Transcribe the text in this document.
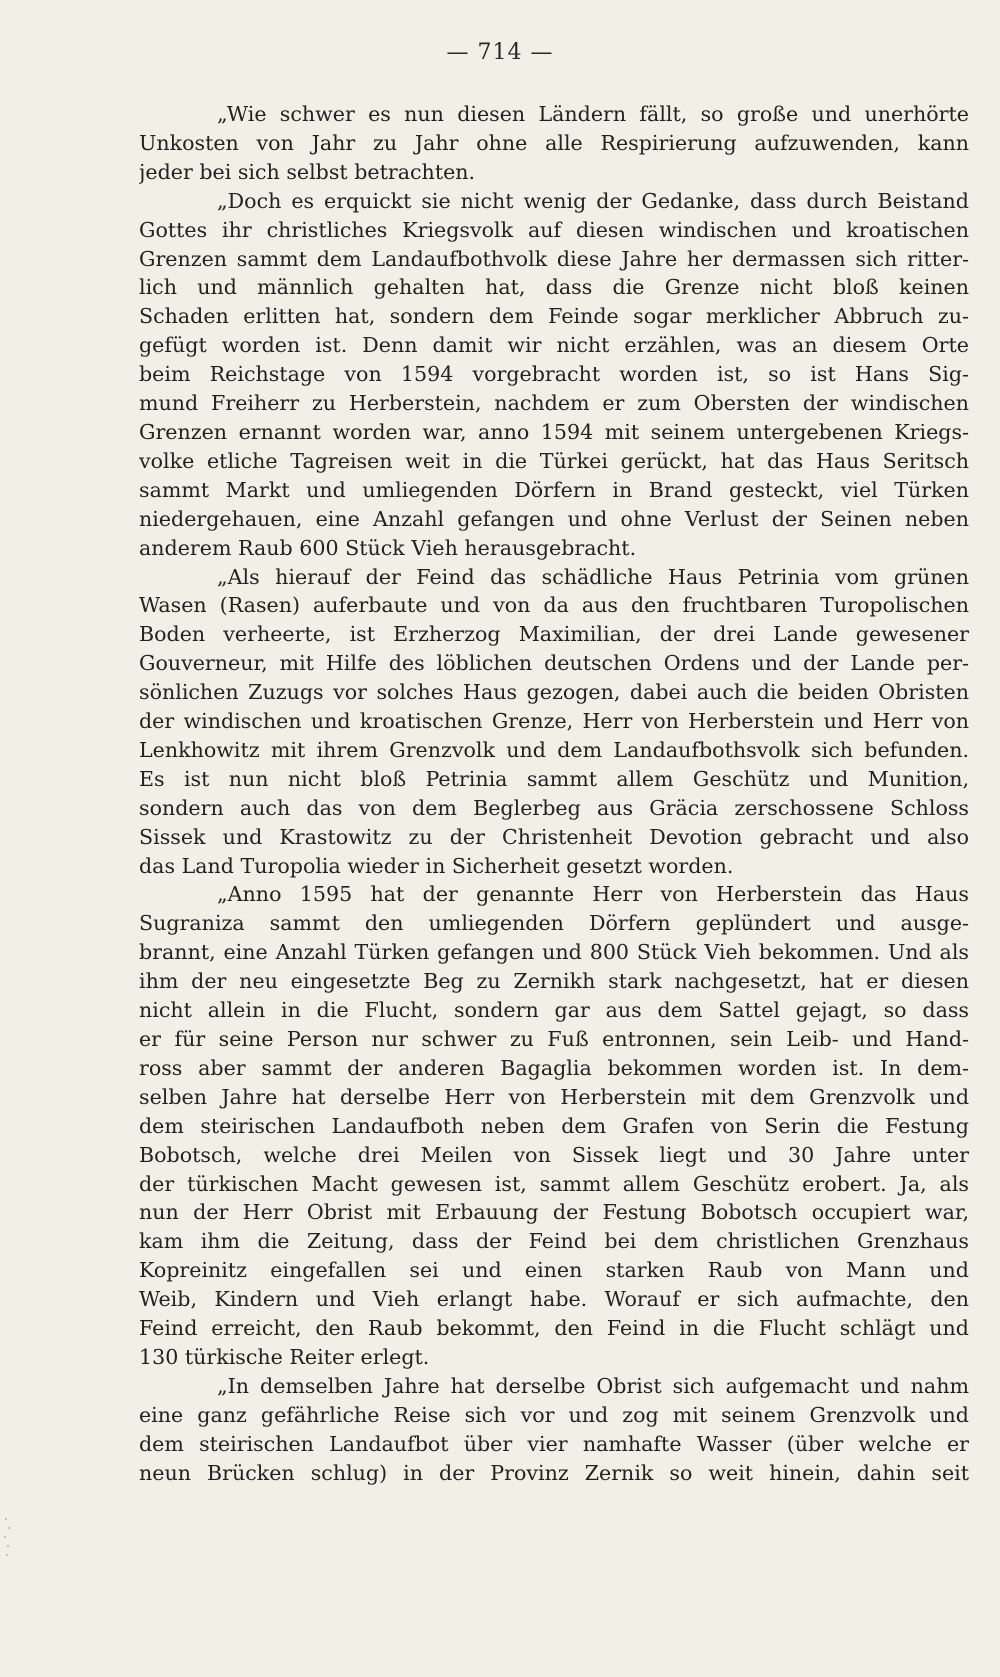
— 714 —
„Wie schwer es nun diesen Ländern fällt, so große und unerhörte
Unkosten von Jahr zu Jahr ohne alle Respirierung aufzuwenden, kann
jeder bei sich selbst betrachten.
„Doch es erquickt sie nicht wenig der Gedanke, dass durch Beistand
Gottes ihr christliches Kriegsvolk auf diesen windischen und kroatischen
Grenzen sammt dem Landaufbothvolk diese Jahre her dermassen sich ritter-
lich und männlich gehalten hat, dass die Grenze nicht bloß keinen
Schaden erlitten hat, sondern dem Feinde sogar merklicher Abbruch zu-
gefügt worden ist. Denn damit wir nicht erzählen, was an diesem Orte
beim Reichstage von 1594 vorgebracht worden ist, so ist Hans Sig-
mund Freiherr zu Herberstein, nachdem er zum Obersten der windischen
Grenzen ernannt worden war, anno 1594 mit seinem untergebenen Kriegs-
volke etliche Tagreisen weit in die Türkei gerückt, hat das Haus Seritsch
sammt Markt und umliegenden Dörfern in Brand gesteckt, viel Türken
niedergehauen, eine Anzahl gefangen und ohne Verlust der Seinen neben
anderem Raub 600 Stück Vieh herausgebracht.
„Als hierauf der Feind das schädliche Haus Petrinia vom grünen
Wasen (Rasen) auferbaute und von da aus den fruchtbaren Turopolischen
Boden verheerte, ist Erzherzog Maximilian, der drei Lande gewesener
Gouverneur, mit Hilfe des löblichen deutschen Ordens und der Lande per-
sönlichen Zuzugs vor solches Haus gezogen, dabei auch die beiden Obristen
der windischen und kroatischen Grenze, Herr von Herberstein und Herr von
Lenkhowitz mit ihrem Grenzvolk und dem Landaufbothsvolk sich befunden.
Es ist nun nicht bloß Petrinia sammt allem Geschütz und Munition,
sondern auch das von dem Beglerbeg aus Gräcia zerschossene Schloss
Sissek und Krastowitz zu der Christenheit Devotion gebracht und also
das Land Turopolia wieder in Sicherheit gesetzt worden.
„Anno 1595 hat der genannte Herr von Herberstein das Haus
Sugraniza sammt den umliegenden Dörfern geplündert und ausge-
brannt, eine Anzahl Türken gefangen und 800 Stück Vieh bekommen. Und als
ihm der neu eingesetzte Beg zu Zernikh stark nachgesetzt, hat er diesen
nicht allein in die Flucht, sondern gar aus dem Sattel gejagt, so dass
er für seine Person nur schwer zu Fuß entronnen, sein Leib- und Hand-
ross aber sammt der anderen Bagaglia bekommen worden ist. In dem-
selben Jahre hat derselbe Herr von Herberstein mit dem Grenzvolk und
dem steirischen Landaufboth neben dem Grafen von Serin die Festung
Bobotsch, welche drei Meilen von Sissek liegt und 30 Jahre unter
der türkischen Macht gewesen ist, sammt allem Geschütz erobert. Ja, als
nun der Herr Obrist mit Erbauung der Festung Bobotsch occupiert war,
kam ihm die Zeitung, dass der Feind bei dem christlichen Grenzhaus
Kopreinitz eingefallen sei und einen starken Raub von Mann und
Weib, Kindern und Vieh erlangt habe. Worauf er sich aufmachte, den
Feind erreicht, den Raub bekommt, den Feind in die Flucht schlägt und
130 türkische Reiter erlegt.
„In demselben Jahre hat derselbe Obrist sich aufgemacht und nahm
eine ganz gefährliche Reise sich vor und zog mit seinem Grenzvolk und
dem steirischen Landaufbot über vier namhafte Wasser (über welche er
neun Brücken schlug) in der Provinz Zernik so weit hinein, dahin seit
